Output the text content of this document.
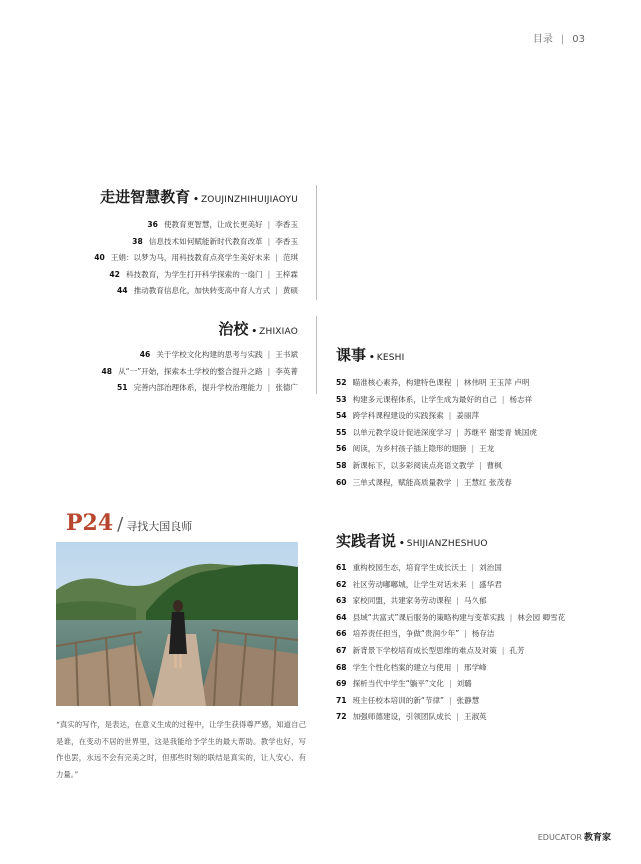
目录 | 03
走进智慧教育 • ZOUJINZHIHUIJIAOYU
36 使教育更智慧，让成长更美好 | 李香玉
38 信息技术如何赋能新时代教育改革 | 李香玉
40 王娟：以梦为马，用科技教育点亮学生美好未来 | 范琪
42 科技教育，为学生打开科学探索的一扇门 | 王梓霖
44 推动教育信息化，加快转变高中育人方式 | 黄硕
治校 • ZHIXIAO
46 关于学校文化构建的思考与实践 | 王书斌
48 从“一”开始，探索本土学校的整合提升之路 | 李英菁
51 完善内部治理体系，提升学校治理能力 | 张德广
课事 • KESHI
52 瞄准核心素养，构建特色课程 | 林伟明 王玉萍 卢明
53 构建多元课程体系，让学生成为最好的自己 | 杨志祥
54 跨学科课程建设的实践探索 | 姜丽萍
55 以单元教学设计促进深度学习 | 苏继平 谢雯青 姚国虎
56 阅读，为乡村孩子插上隐形的翅膀 | 王龙
58 新课标下，以多彩阅读点亮语文教学 | 曹枫
60 三单式课程，赋能高质量教学 | 王慧红 张茂春
实践者说 • SHIJIANZHESHUO
61 重构校园生态，培育学生成长沃土 | 刘治国
62 社区劳动嘟嘟城，让学生对话未来 | 盛华君
63 家校同盟，共建家务劳动课程 | 马久郁
64 县域“共富式”课后服务的策略构建与变革实践 | 林会园 卿雪花
66 培养责任担当，争做“贵润少年” | 杨存洁
67 新背景下学校培育成长型思维的难点及对策 | 孔芳
68 学生个性化档案的建立与使用 | 邢学峰
69 探析当代中学生“躺平”文化 | 刘璐
71 班主任校本培训的新“节律” | 张静慧
72 加强师德建设，引领团队成长 | 王淑英
P24 / 寻找大国良师
“真实的写作，是表达，在意义生成的过程中，让学生获得尊严感，知道自己是谁，在变动不居的世界里，这是我能给予学生的最大帮助。教学也好，写作也罢，永远不会有完美之时，但那些时刻的联结是真实的，让人安心、有力量。”
EDUCATOR 教育家
